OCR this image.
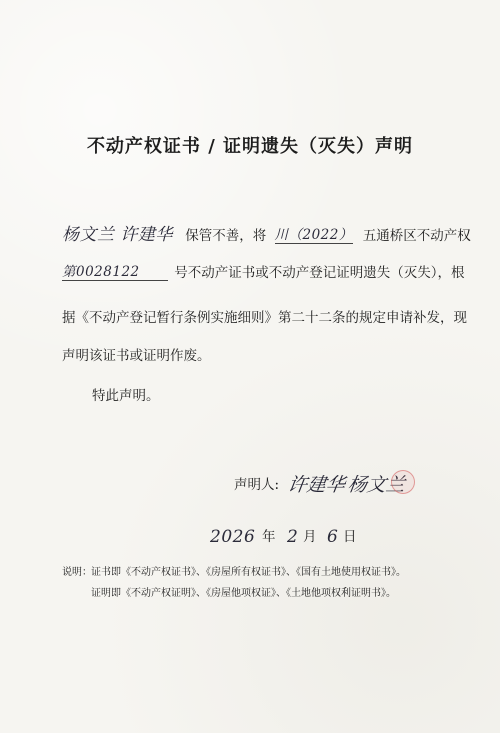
不动产权证书 / 证明遗失（灭失）声明
杨文兰 许建华 保管不善，将 川（2022） 五通桥区不动产权
第0028122	号不动产证书或不动产登记证明遗失（灭失），根
据《不动产登记暂行条例实施细则》第二十二条的规定申请补发，现
声明该证书或证明作废。
特此声明。
声明人: 许建华 杨文兰
2026 年 2 月 6 日
说明： 证书即《不动产权证书》、《房屋所有权证书》、《国有土地使用权证书》。
证明即《不动产权证明》、《房屋他项权证》、《土地他项权利证明书》。
